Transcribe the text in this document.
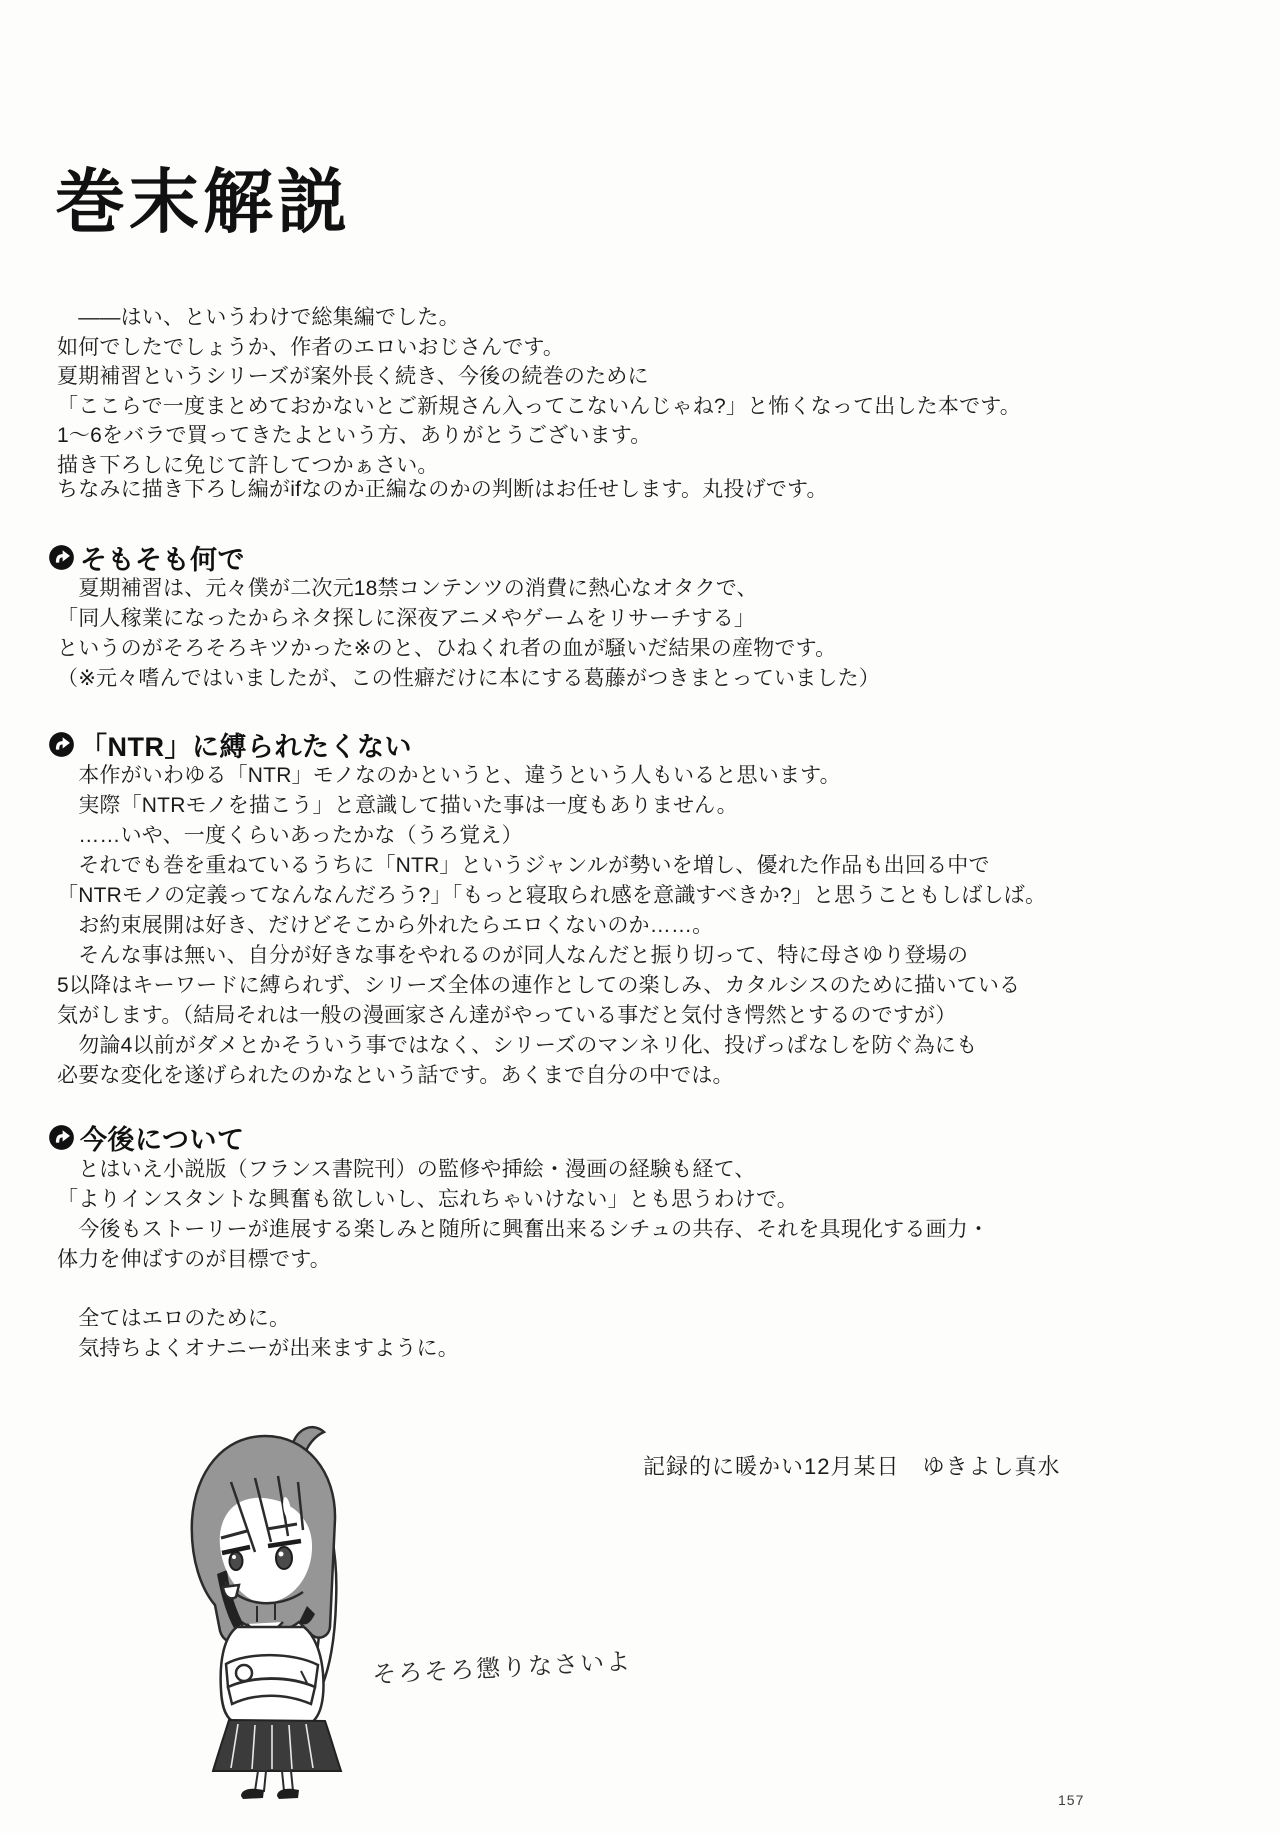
巻末解説

　――はい、というわけで総集編でした。

如何でしたでしょうか、作者のエロいおじさんです。

夏期補習というシリーズが案外長く続き、今後の続巻のために

「ここらで一度まとめておかないとご新規さん入ってこないんじゃね?」と怖くなって出した本です。

1〜6をバラで買ってきたよという方、ありがとうございます。

描き下ろしに免じて許してつかぁさい。

ちなみに描き下ろし編がifなのか正編なのかの判断はお任せします。丸投げです。

そもそも何で

　夏期補習は、元々僕が二次元18禁コンテンツの消費に熱心なオタクで、

「同人稼業になったからネタ探しに深夜アニメやゲームをリサーチする」

というのがそろそろキツかった※のと、ひねくれ者の血が騒いだ結果の産物です。

（※元々嗜んではいましたが、この性癖だけに本にする葛藤がつきまとっていました）

「NTR」に縛られたくない

　本作がいわゆる「NTR」モノなのかというと、違うという人もいると思います。

　実際「NTRモノを描こう」と意識して描いた事は一度もありません。

　……いや、一度くらいあったかな（うろ覚え）

　それでも巻を重ねているうちに「NTR」というジャンルが勢いを増し、優れた作品も出回る中で

「NTRモノの定義ってなんなんだろう?」「もっと寝取られ感を意識すべきか?」と思うこともしばしば。

　お約束展開は好き、だけどそこから外れたらエロくないのか……。

　そんな事は無い、自分が好きな事をやれるのが同人なんだと振り切って、特に母さゆり登場の

5以降はキーワードに縛られず、シリーズ全体の連作としての楽しみ、カタルシスのために描いている

気がします。（結局それは一般の漫画家さん達がやっている事だと気付き愕然とするのですが）

　勿論4以前がダメとかそういう事ではなく、シリーズのマンネリ化、投げっぱなしを防ぐ為にも

必要な変化を遂げられたのかなという話です。あくまで自分の中では。

今後について

　とはいえ小説版（フランス書院刊）の監修や挿絵・漫画の経験も経て、

「よりインスタントな興奮も欲しいし、忘れちゃいけない」とも思うわけで。

　今後もストーリーが進展する楽しみと随所に興奮出来るシチュの共存、それを具現化する画力・

体力を伸ばすのが目標です。

　全てはエロのために。

　気持ちよくオナニーが出来ますように。

記録的に暖かい12月某日　ゆきよし真水
そろそろ懲りなさいよ
157
